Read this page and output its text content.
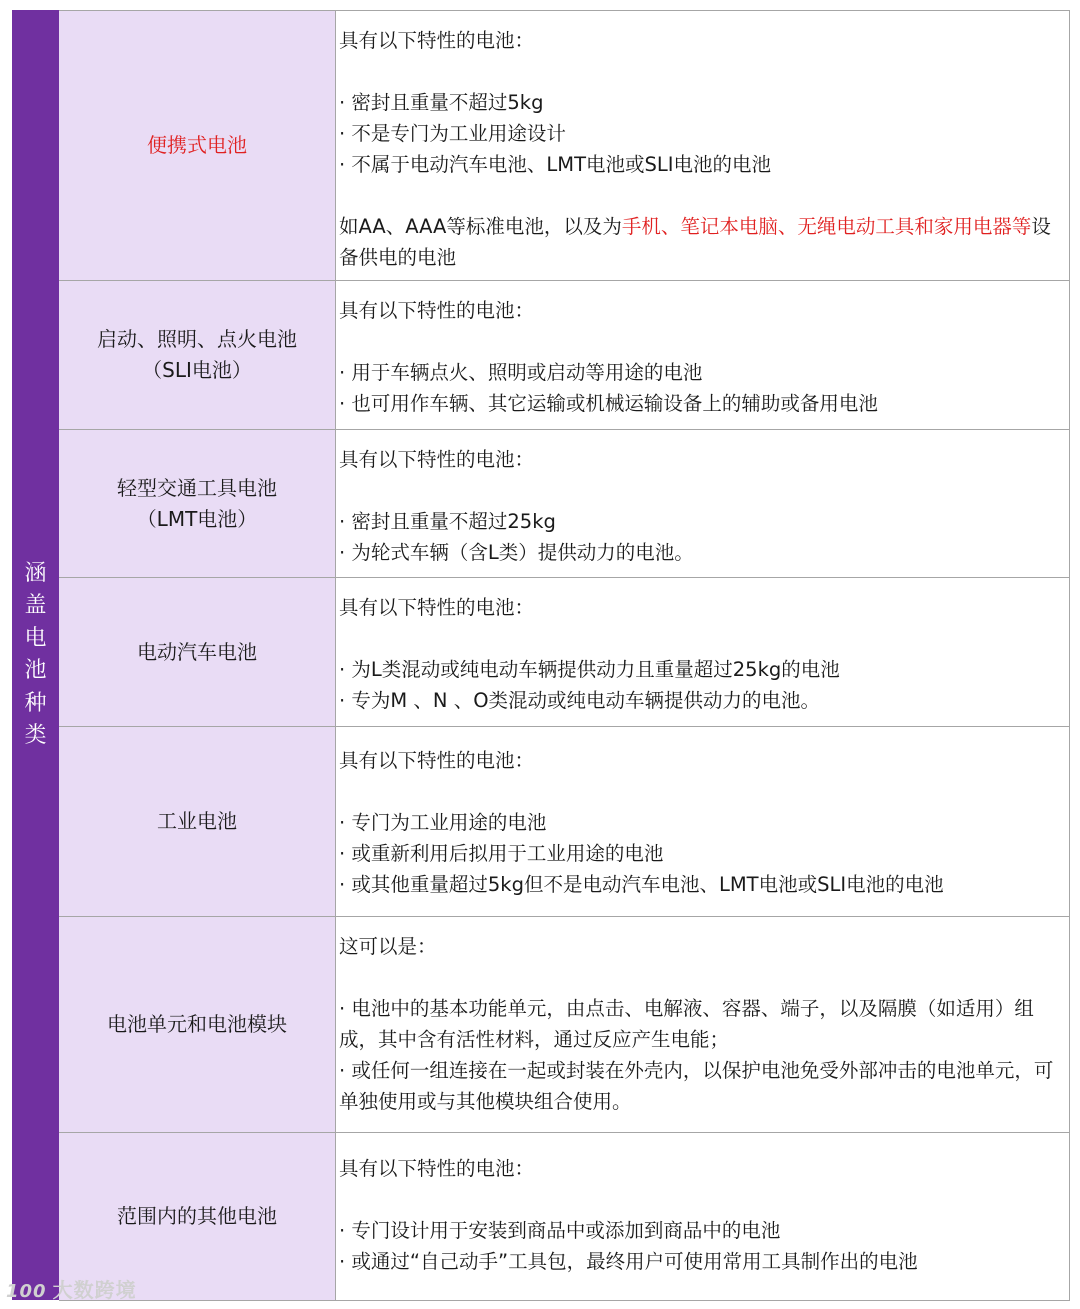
涵盖电池种类
便携式电池
具有以下特性的电池：
· 密封且重量不超过5kg
· 不是专门为工业用途设计
· 不属于电动汽车电池、LMT电池或SLI电池的电池
如AA、AAA等标准电池，以及为手机、笔记本电脑、无绳电动工具和家用电器等设备供电的电池
启动、照明、点火电池
（SLI电池）
具有以下特性的电池：
· 用于车辆点火、照明或启动等用途的电池
· 也可用作车辆、其它运输或机械运输设备上的辅助或备用电池
轻型交通工具电池
（LMT电池）
具有以下特性的电池：
· 密封且重量不超过25kg
· 为轮式车辆（含L类）提供动力的电池。
电动汽车电池
具有以下特性的电池：
· 为L类混动或纯电动车辆提供动力且重量超过25kg的电池
· 专为M 、N 、O类混动或纯电动车辆提供动力的电池。
工业电池
具有以下特性的电池：
· 专门为工业用途的电池
· 或重新利用后拟用于工业用途的电池
· 或其他重量超过5kg但不是电动汽车电池、LMT电池或SLI电池的电池
电池单元和电池模块
这可以是：
· 电池中的基本功能单元，由点击、电解液、容器、端子，以及隔膜（如适用）组成，其中含有活性材料，通过反应产生电能；
· 或任何一组连接在一起或封装在外壳内，以保护电池免受外部冲击的电池单元，可单独使用或与其他模块组合使用。
范围内的其他电池
具有以下特性的电池：
· 专门设计用于安装到商品中或添加到商品中的电池
· 或通过“自己动手”工具包，最终用户可使用常用工具制作出的电池
100 大数跨境
